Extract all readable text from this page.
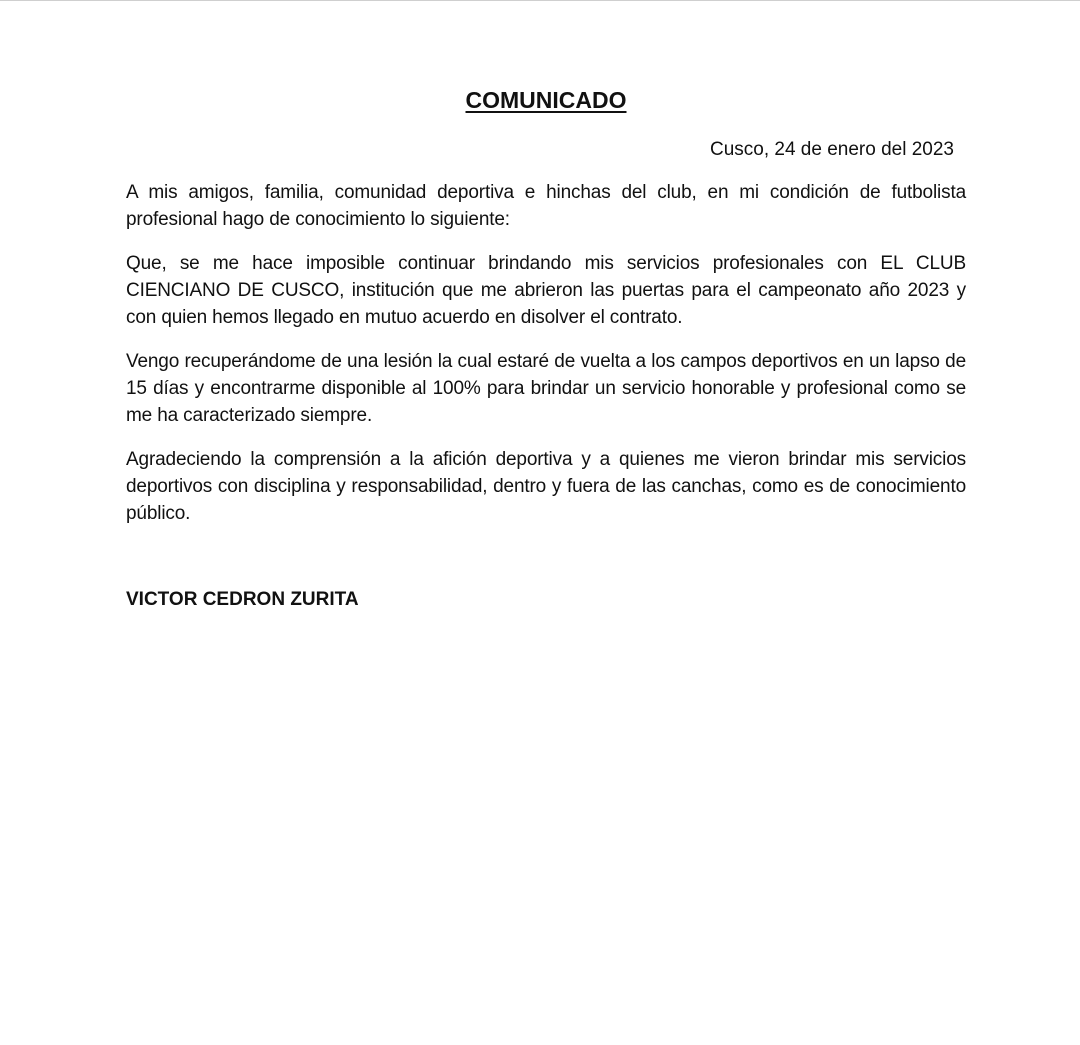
COMUNICADO

Cusco, 24 de enero del 2023

A mis amigos, familia, comunidad deportiva e hinchas del club, en mi condición de futbolista profesional hago de conocimiento lo siguiente:

Que, se me hace imposible continuar brindando mis servicios profesionales con EL CLUB CIENCIANO DE CUSCO, institución que me abrieron las puertas para el campeonato año 2023 y con quien hemos llegado en mutuo acuerdo en disolver el contrato.

Vengo recuperándome de una lesión la cual estaré de vuelta a los campos deportivos en un lapso de 15 días y encontrarme disponible al 100% para brindar un servicio honorable y profesional como se me ha caracterizado siempre.

Agradeciendo la comprensión a la afición deportiva y a quienes me vieron brindar mis servicios deportivos con disciplina y responsabilidad, dentro y fuera de las canchas, como es de conocimiento público.

VICTOR CEDRON ZURITA
